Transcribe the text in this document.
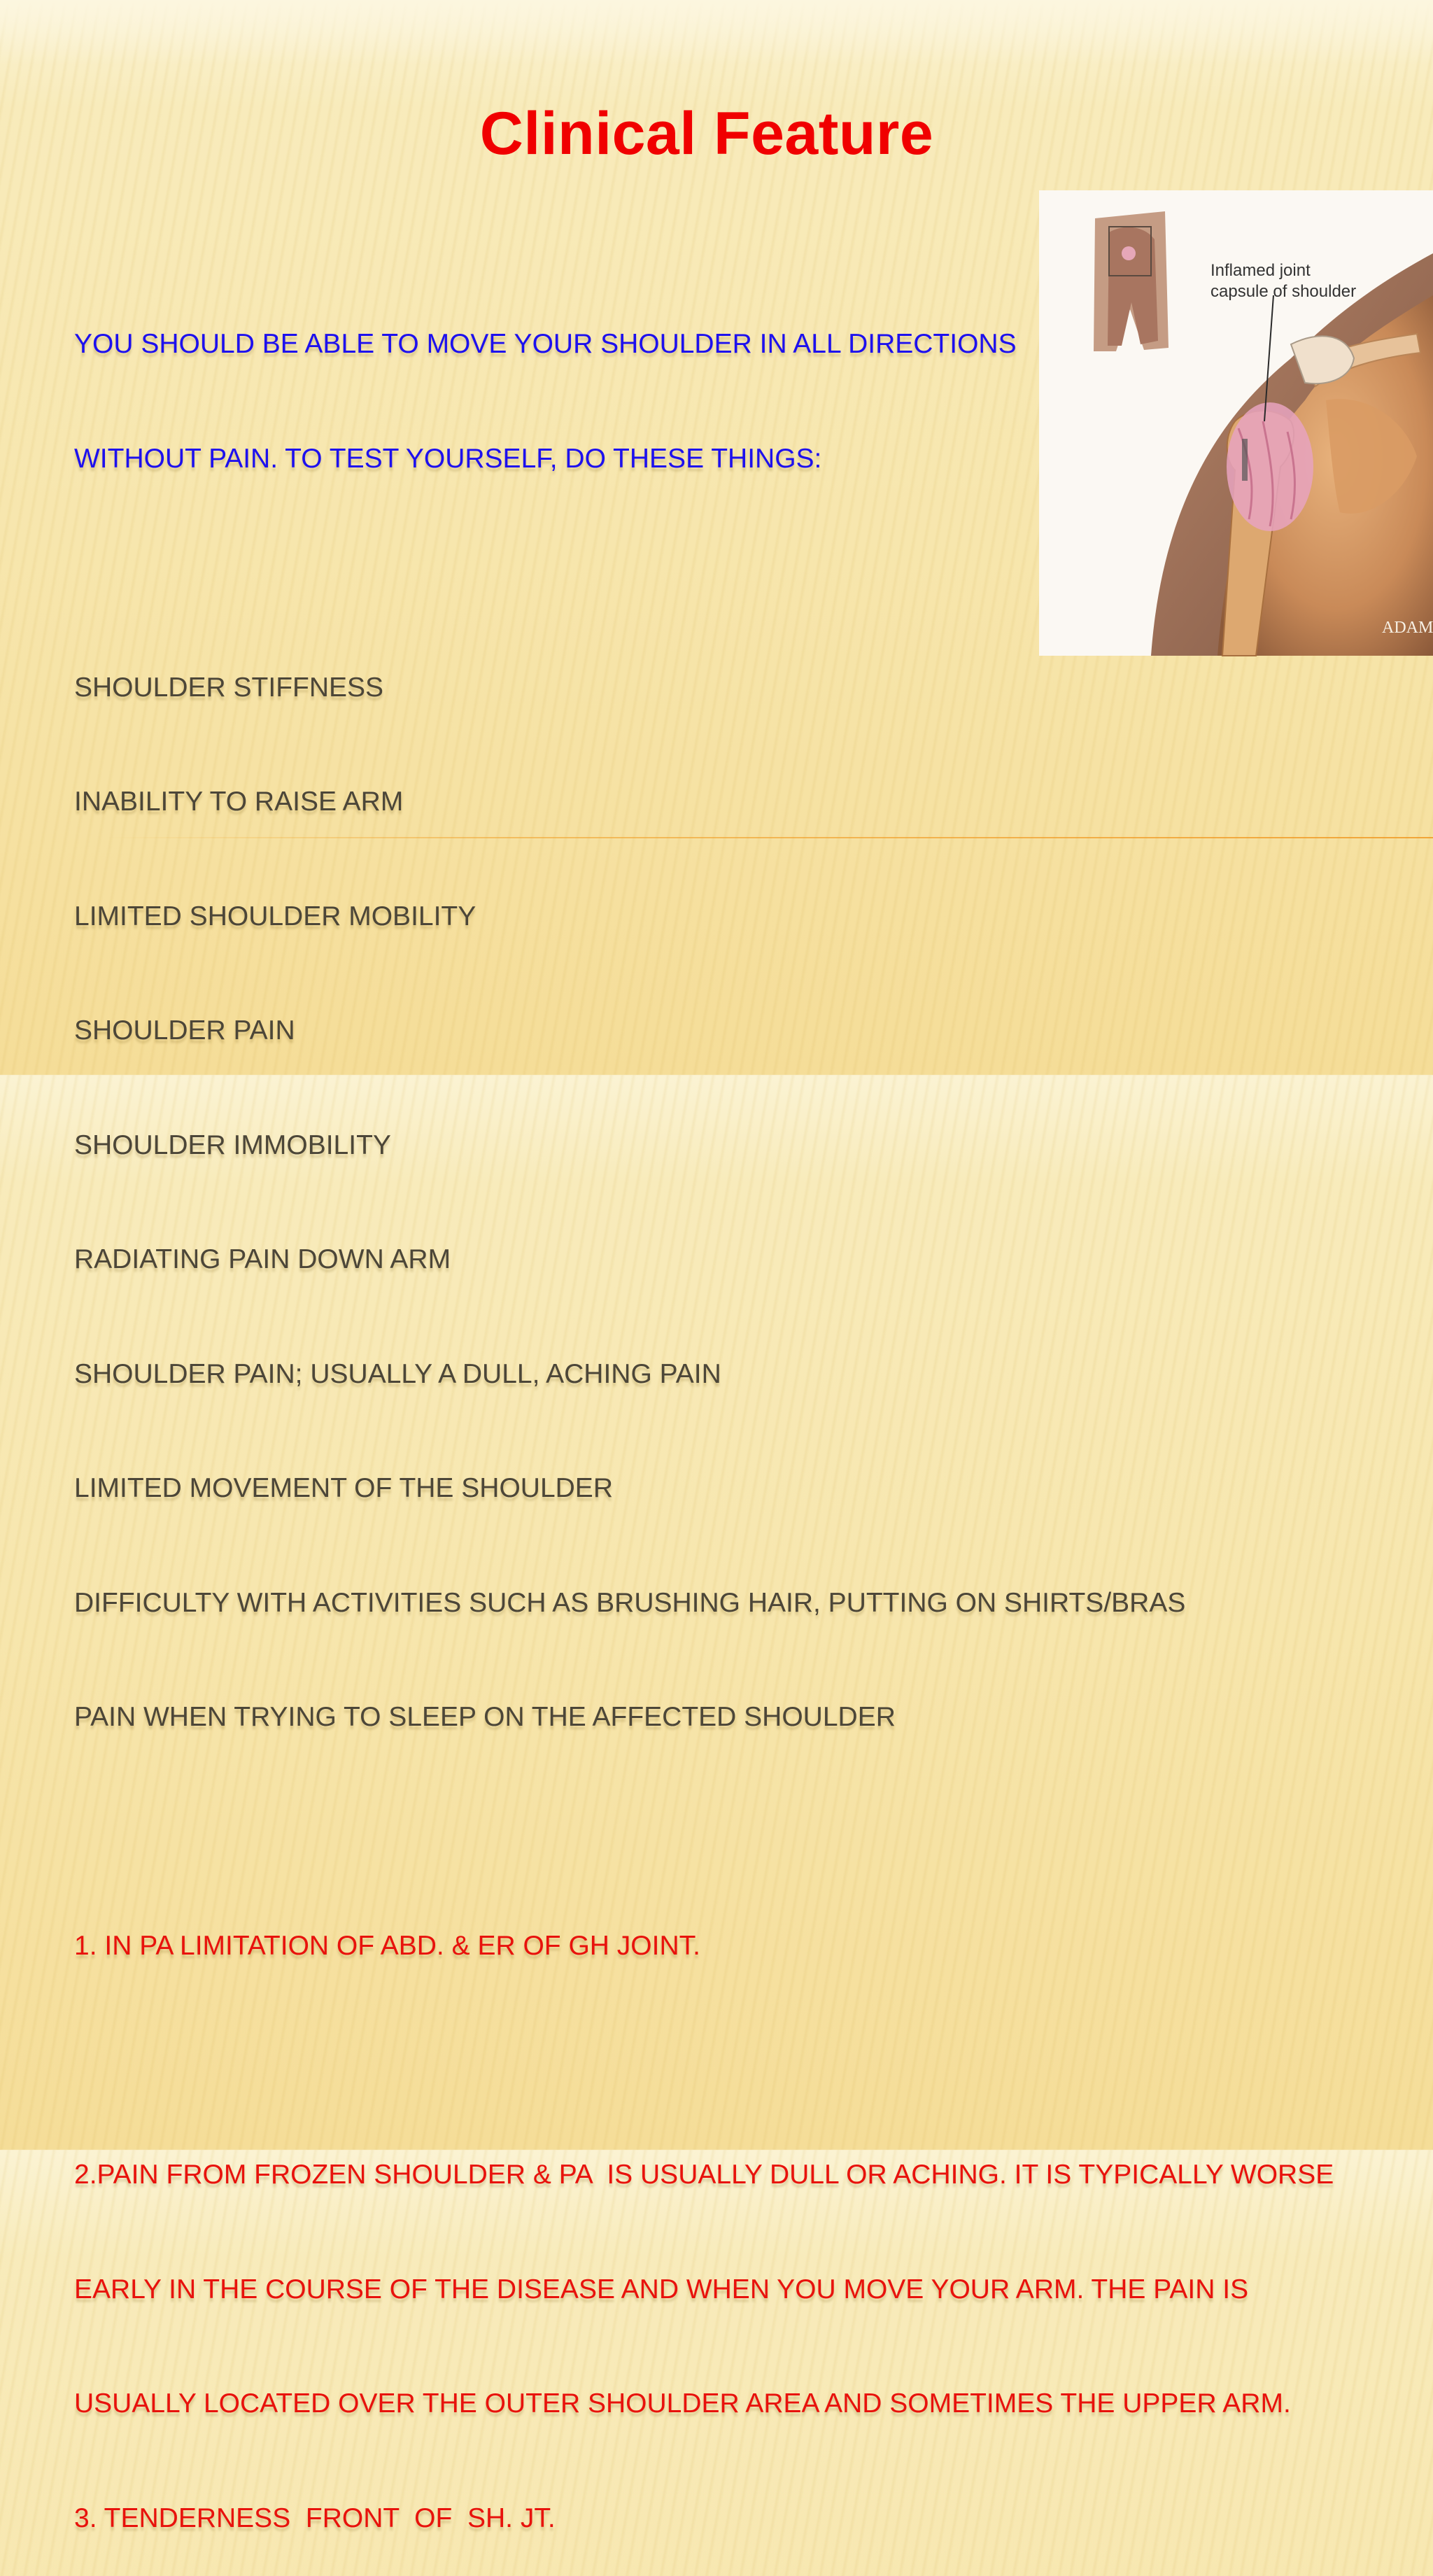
Clinical Feature
Inflamed joint
capsule of shoulder
ADAM

YOU SHOULD BE ABLE TO MOVE YOUR SHOULDER IN ALL DIRECTIONS

WITHOUT PAIN. TO TEST YOURSELF, DO THESE THINGS:

SHOULDER STIFFNESS

INABILITY TO RAISE ARM

LIMITED SHOULDER MOBILITY

SHOULDER PAIN

SHOULDER IMMOBILITY

RADIATING PAIN DOWN ARM

SHOULDER PAIN; USUALLY A DULL, ACHING PAIN

LIMITED MOVEMENT OF THE SHOULDER

DIFFICULTY WITH ACTIVITIES SUCH AS BRUSHING HAIR, PUTTING ON SHIRTS/BRAS

PAIN WHEN TRYING TO SLEEP ON THE AFFECTED SHOULDER

1. IN PA LIMITATION OF ABD. & ER OF GH JOINT.

2.PAIN FROM FROZEN SHOULDER & PA  IS USUALLY DULL OR ACHING. IT IS TYPICALLY WORSE

EARLY IN THE COURSE OF THE DISEASE AND WHEN YOU MOVE YOUR ARM. THE PAIN IS

USUALLY LOCATED OVER THE OUTER SHOULDER AREA AND SOMETIMES THE UPPER ARM.

3. TENDERNESS  FRONT  OF  SH. JT.
